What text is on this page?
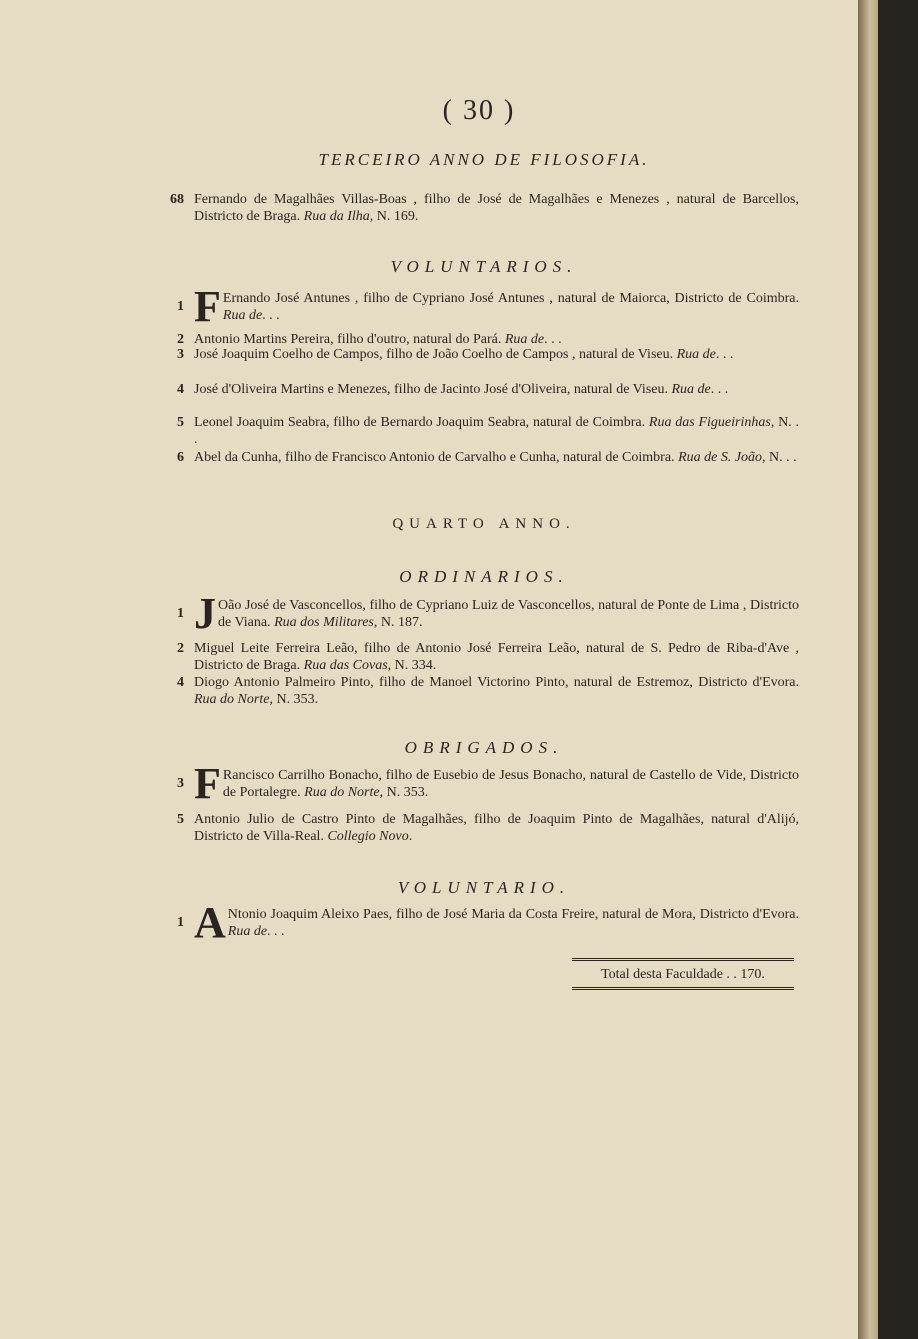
( 30 )
TERCEIRO ANNO DE FILOSOFIA.
68 Fernando de Magalhães Villas-Boas , filho de José de Magalhães e Menezes , natural de Barcellos, Districto de Braga. Rua da Ilha, N. 169.
VOLUNTARIOS.
1 F Ernando José Antunes , filho de Cypriano José Antunes , natural de Maiorca, Districto de Coimbra. Rua de. . .
2 Antonio Martins Pereira, filho d'outro, natural do Pará. Rua de. . .
3 José Joaquim Coelho de Campos, filho de João Coelho de Campos , natural de Viseu. Rua de. . .
4 José d'Oliveira Martins e Menezes, filho de Jacinto José d'Oliveira, natural de Viseu. Rua de. . .
5 Leonel Joaquim Seabra, filho de Bernardo Joaquim Seabra, natural de Coimbra. Rua das Figueirinhas, N. . .
6 Abel da Cunha, filho de Francisco Antonio de Carvalho e Cunha, natural de Coimbra. Rua de S. João, N. . .
QUARTO ANNO.
ORDINARIOS.
1 J Oão José de Vasconcellos, filho de Cypriano Luiz de Vasconcellos, natural de Ponte de Lima , Districto de Viana. Rua dos Militares, N. 187.
2 Miguel Leite Ferreira Leão, filho de Antonio José Ferreira Leão, natural de S. Pedro de Riba-d'Ave , Districto de Braga. Rua das Covas, N. 334.
4 Diogo Antonio Palmeiro Pinto, filho de Manoel Victorino Pinto, natural de Estremoz, Districto d'Evora. Rua do Norte, N. 353.
OBRIGADOS.
3 F Rancisco Carrilho Bonacho, filho de Eusebio de Jesus Bonacho, natural de Castello de Vide, Districto de Portalegre. Rua do Norte, N. 353.
5 Antonio Julio de Castro Pinto de Magalhães, filho de Joaquim Pinto de Magalhães, natural d'Alijó, Districto de Villa-Real. Collegio Novo.
VOLUNTARIO.
1 A Ntonio Joaquim Aleixo Paes, filho de José Maria da Costa Freire, natural de Mora, Districto d'Evora. Rua de. . .
Total desta Faculdade . . 170.
